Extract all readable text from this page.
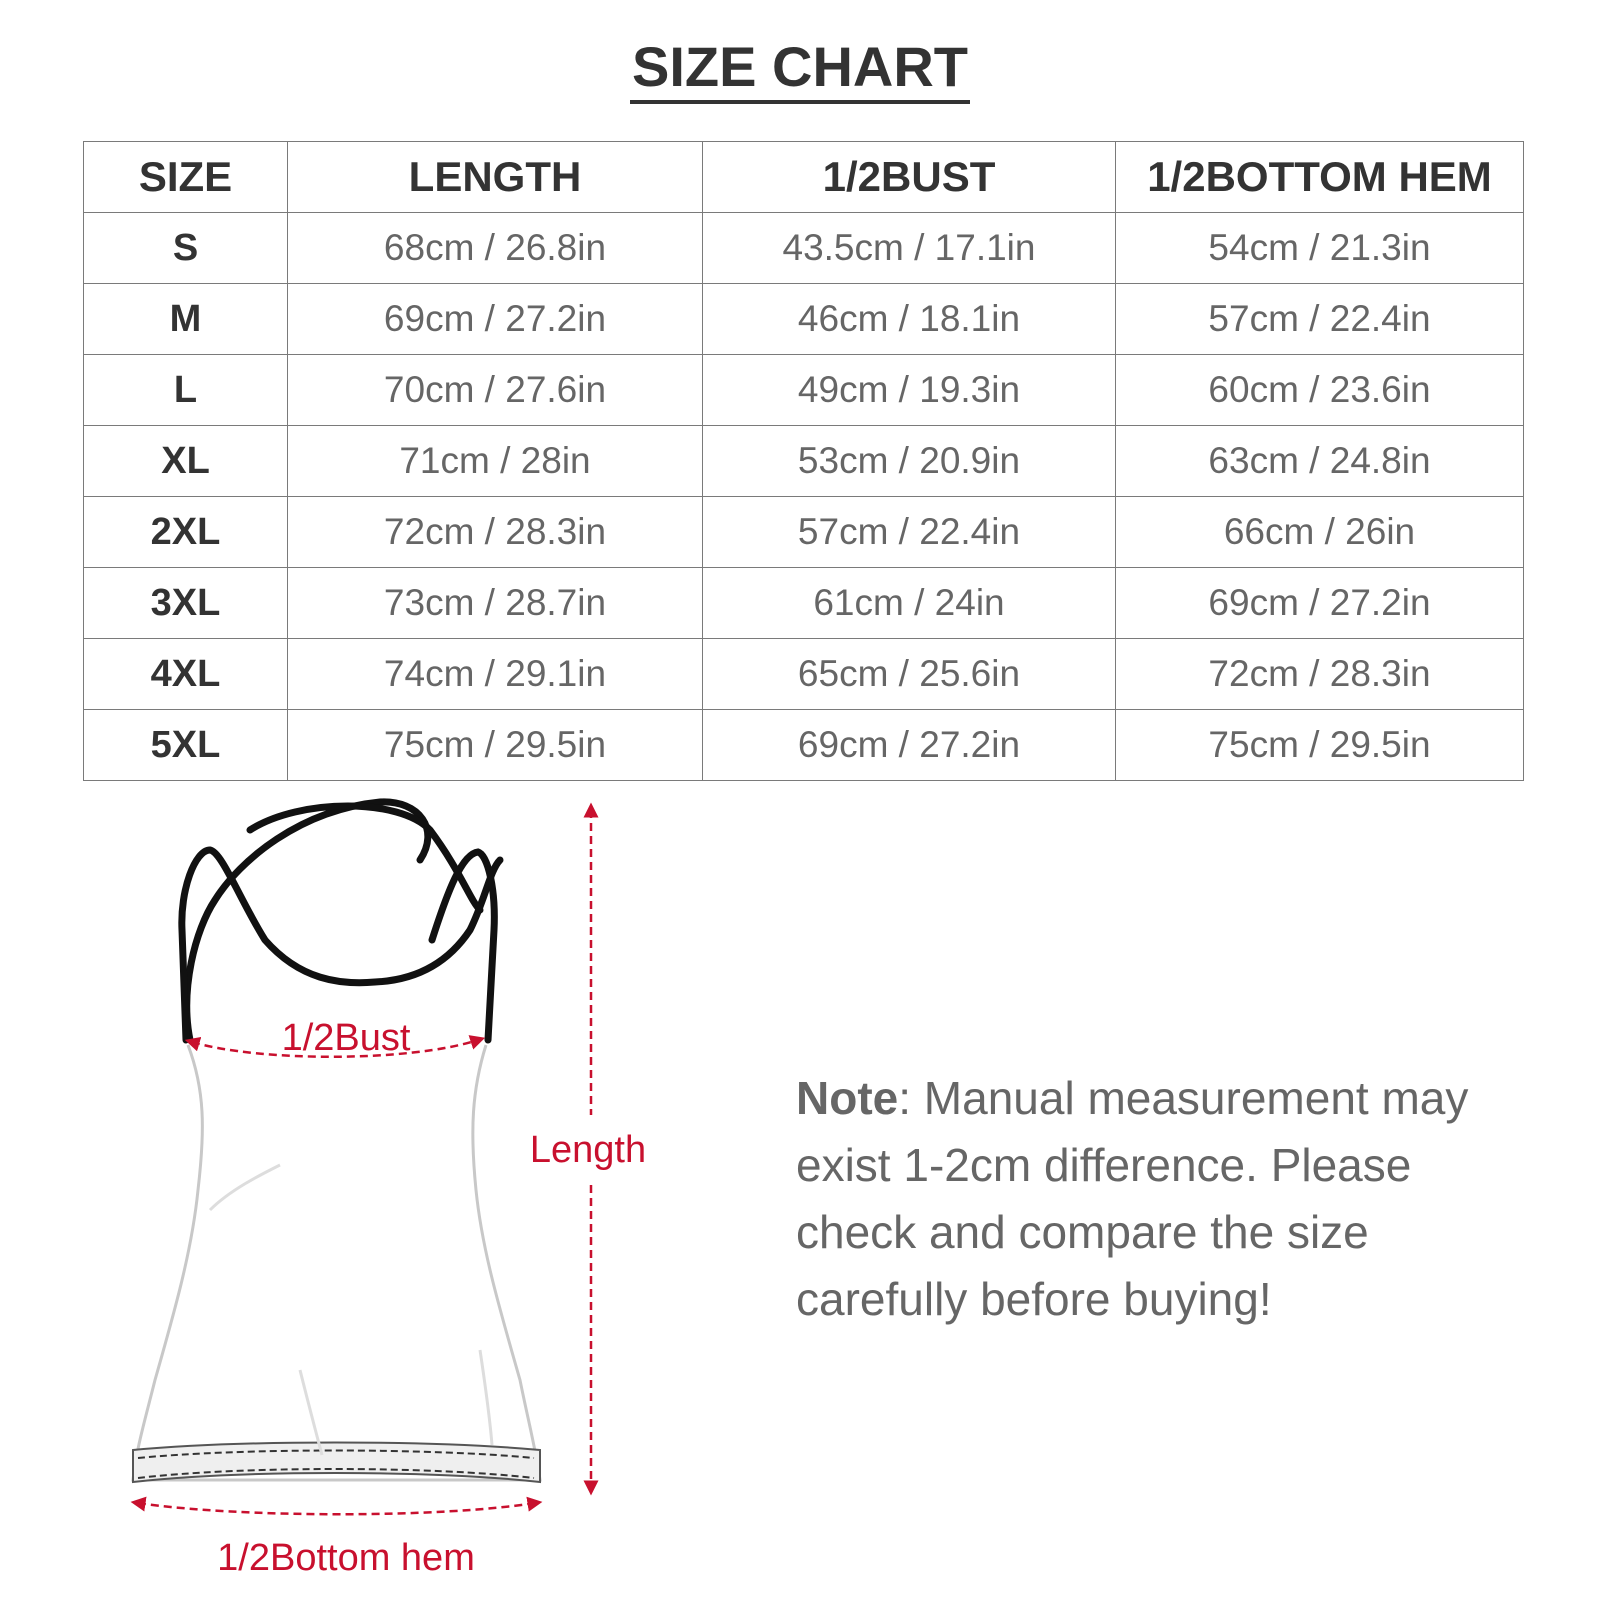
SIZE CHART
SIZE	LENGTH	1/2BUST	1/2BOTTOM HEM
S	68cm / 26.8in	43.5cm / 17.1in	54cm / 21.3in
M	69cm / 27.2in	46cm / 18.1in	57cm / 22.4in
L	70cm / 27.6in	49cm / 19.3in	60cm / 23.6in
XL	71cm / 28in	53cm / 20.9in	63cm / 24.8in
2XL	72cm / 28.3in	57cm / 22.4in	66cm / 26in
3XL	73cm / 28.7in	61cm / 24in	69cm / 27.2in
4XL	74cm / 29.1in	65cm / 25.6in	72cm / 28.3in
5XL	75cm / 29.5in	69cm / 27.2in	75cm / 29.5in
1/2Bust
Length
1/2Bottom hem
Note: Manual measurement may exist 1-2cm difference. Please check and compare the size carefully before buying!
